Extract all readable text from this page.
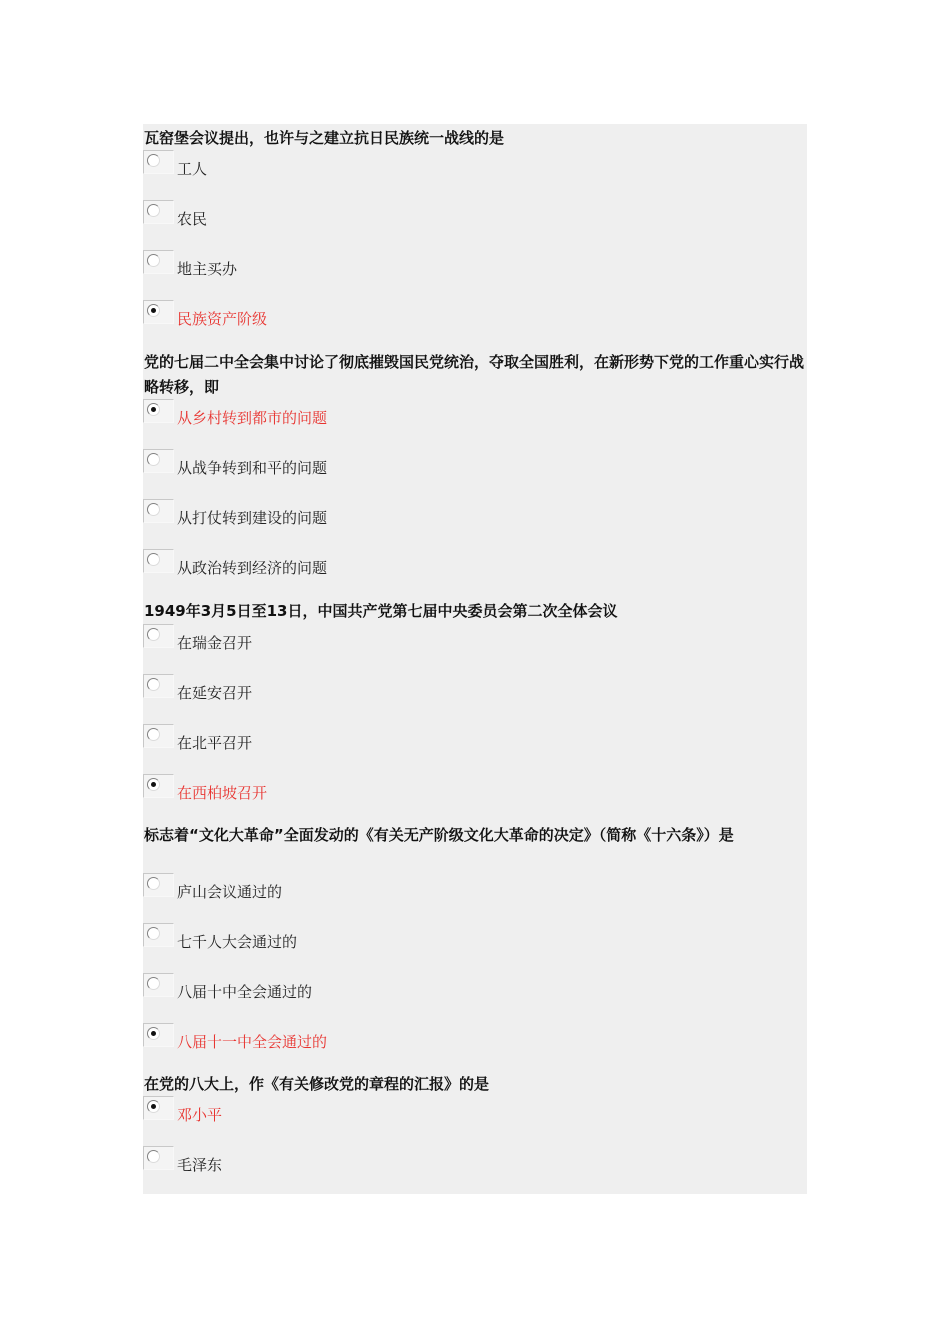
瓦窑堡会议提出，也许与之建立抗日民族统一战线的是

工人
农民
地主买办
民族资产阶级

党的七届二中全会集中讨论了彻底摧毁国民党统治，夺取全国胜利，在新形势下党的工作重心实行战略转移，即

从乡村转到都市的问题
从战争转到和平的问题
从打仗转到建设的问题
从政治转到经济的问题

1949年3月5日至13日，中国共产党第七届中央委员会第二次全体会议

在瑞金召开
在延安召开
在北平召开
在西柏坡召开

标志着“文化大革命”全面发动的《有关无产阶级文化大革命的决定》（简称《十六条》）是

庐山会议通过的
七千人大会通过的
八届十中全会通过的
八届十一中全会通过的

在党的八大上，作《有关修改党的章程的汇报》的是

邓小平
毛泽东
